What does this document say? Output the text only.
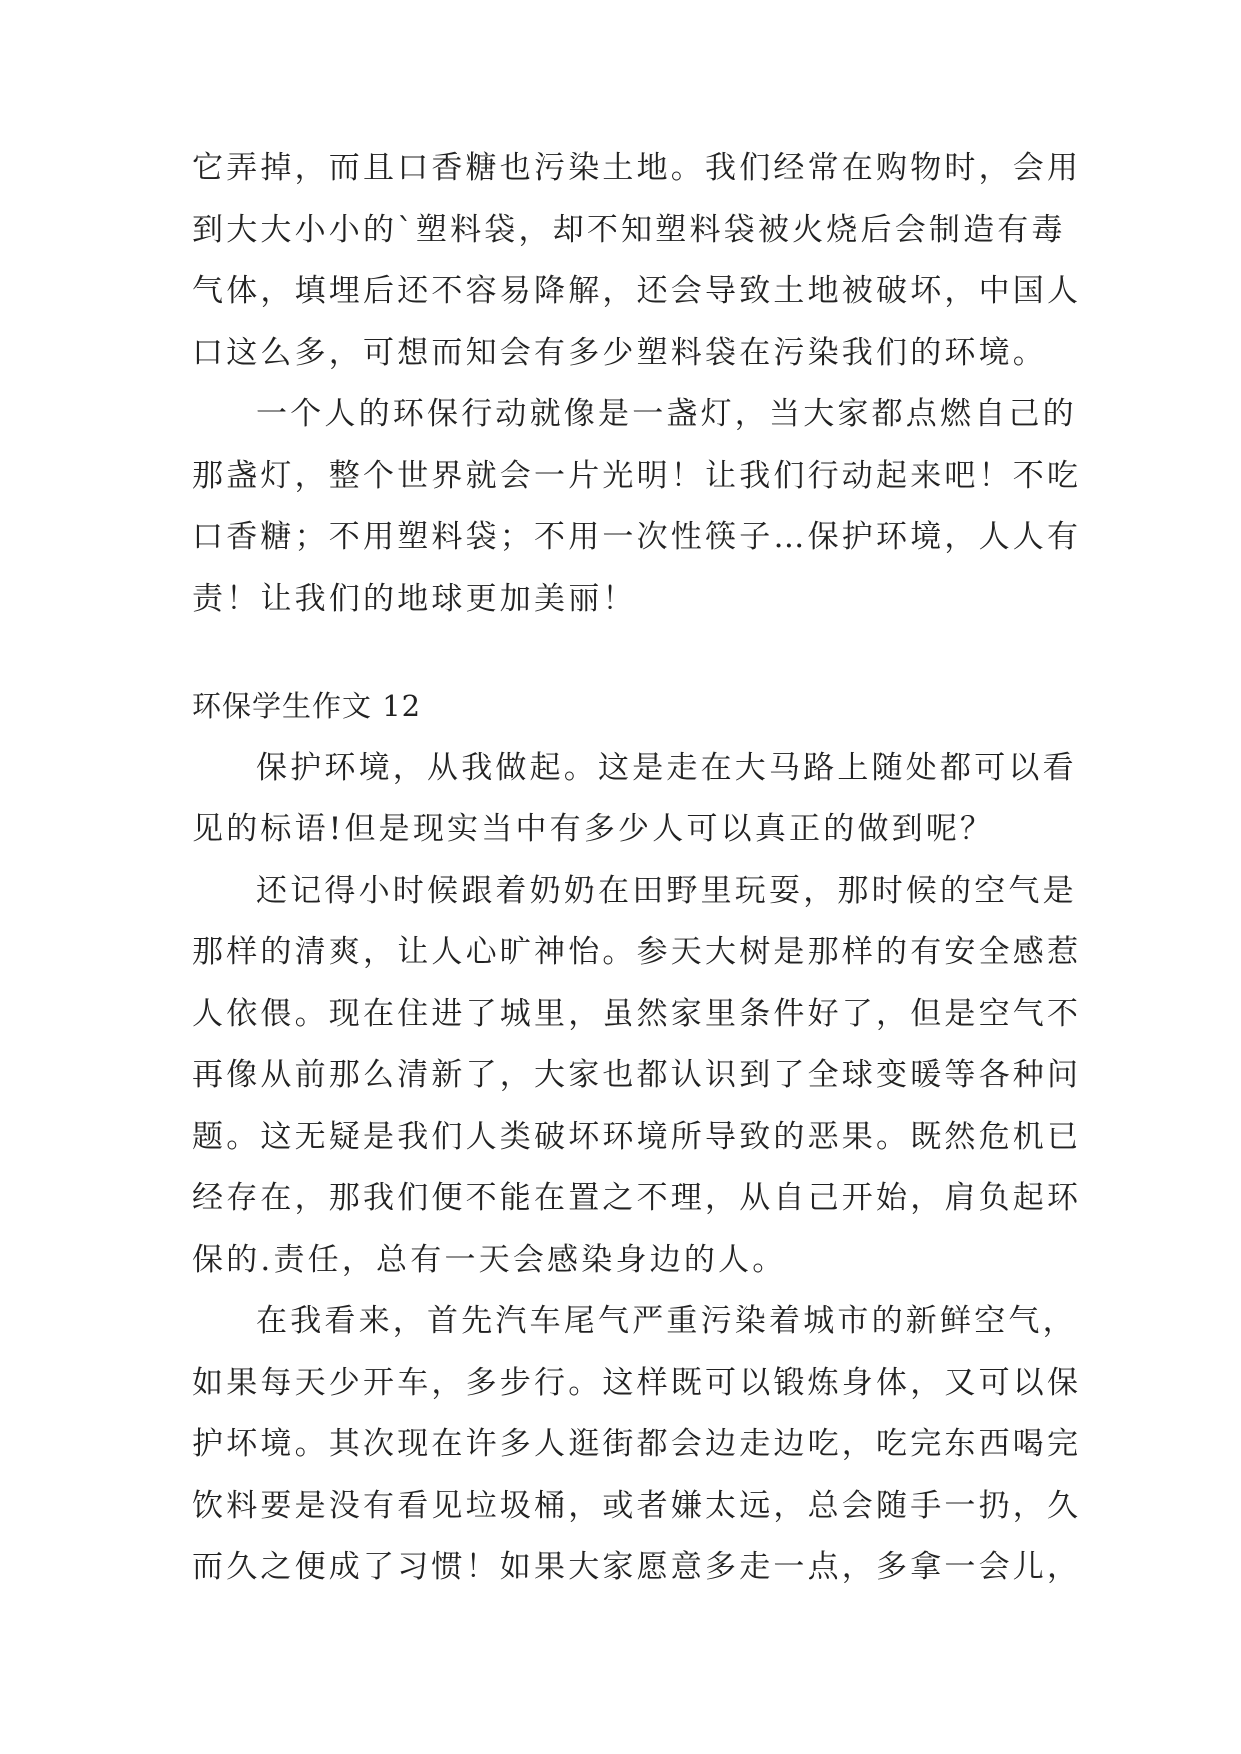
它弄掉，而且口香糖也污染土地。我们经常在购物时，会用
到大大小小的`塑料袋，却不知塑料袋被火烧后会制造有毒
气体，填埋后还不容易降解，还会导致土地被破坏，中国人
口这么多，可想而知会有多少塑料袋在污染我们的环境。
一个人的环保行动就像是一盏灯，当大家都点燃自己的
那盏灯，整个世界就会一片光明！让我们行动起来吧！不吃
口香糖；不用塑料袋；不用一次性筷子…保护环境，人人有
责！让我们的地球更加美丽！
环保学生作文 12
保护环境，从我做起。这是走在大马路上随处都可以看
见的标语!但是现实当中有多少人可以真正的做到呢？
还记得小时候跟着奶奶在田野里玩耍，那时候的空气是
那样的清爽，让人心旷神怡。参天大树是那样的有安全感惹
人依偎。现在住进了城里，虽然家里条件好了，但是空气不
再像从前那么清新了，大家也都认识到了全球变暖等各种问
题。这无疑是我们人类破坏环境所导致的恶果。既然危机已
经存在，那我们便不能在置之不理，从自己开始，肩负起环
保的.责任，总有一天会感染身边的人。
在我看来，首先汽车尾气严重污染着城市的新鲜空气，
如果每天少开车，多步行。这样既可以锻炼身体，又可以保
护坏境。其次现在许多人逛街都会边走边吃，吃完东西喝完
饮料要是没有看见垃圾桶，或者嫌太远，总会随手一扔，久
而久之便成了习惯！如果大家愿意多走一点，多拿一会儿，
